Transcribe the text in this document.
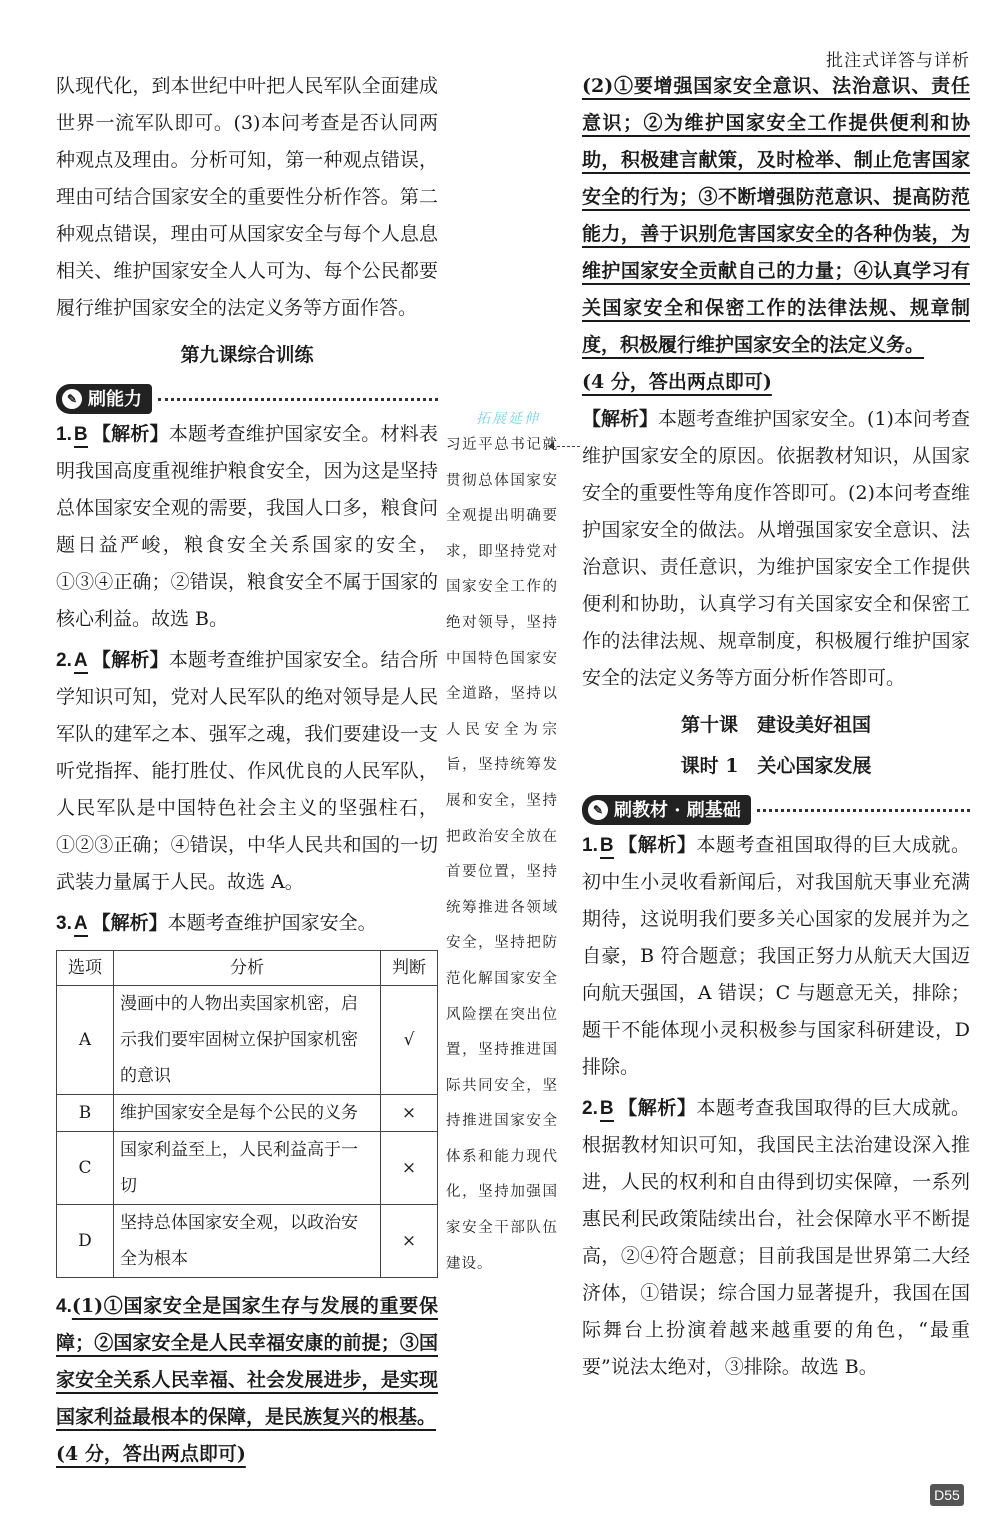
批注式详答与详析

队现代化，到本世纪中叶把人民军队全面建成世界一流军队即可。(3)本问考查是否认同两种观点及理由。分析可知，第一种观点错误，理由可结合国家安全的重要性分析作答。第二种观点错误，理由可从国家安全与每个人息息相关、维护国家安全人人可为、每个公民都要履行维护国家安全的法定义务等方面作答。

第九课综合训练
✎ 刷能力

1. B 【解析】本题考查维护国家安全。材料表明我国高度重视维护粮食安全，因为这是坚持总体国家安全观的需要，我国人口多，粮食问题日益严峻，粮食安全关系国家的安全，①③④正确；②错误，粮食安全不属于国家的核心利益。故选 B。

2. A 【解析】本题考查维护国家安全。结合所学知识可知，党对人民军队的绝对领导是人民军队的建军之本、强军之魂，我们要建设一支听党指挥、能打胜仗、作风优良的人民军队，人民军队是中国特色社会主义的坚强柱石，①②③正确；④错误，中华人民共和国的一切武装力量属于人民。故选 A。

3. A 【解析】本题考查维护国家安全。

选项	分析	判断
A	漫画中的人物出卖国家机密，启示我们要牢固树立保护国家机密的意识	√
B	维护国家安全是每个公民的义务	×
C	国家利益至上，人民利益高于一切	×
D	坚持总体国家安全观，以政治安全为根本	×

4.(1)①国家安全是国家生存与发展的重要保障；②国家安全是人民幸福安康的前提；③国家安全关系人民幸福、社会发展进步，是实现国家利益最根本的保障，是民族复兴的根基。

(4 分，答出两点即可)

拓展延伸

习近平总书记就贯彻总体国家安全观提出明确要求，即坚持党对国家安全工作的绝对领导，坚持中国特色国家安全道路，坚持以人民安全为宗旨，坚持统筹发展和安全，坚持把政治安全放在首要位置，坚持统筹推进各领域安全，坚持把防范化解国家安全风险摆在突出位置，坚持推进国际共同安全，坚持推进国家安全体系和能力现代化，坚持加强国家安全干部队伍建设。

(2)①要增强国家安全意识、法治意识、责任意识；②为维护国家安全工作提供便利和协助，积极建言献策，及时检举、制止危害国家安全的行为；③不断增强防范意识、提高防范能力，善于识别危害国家安全的各种伪装，为维护国家安全贡献自己的力量；④认真学习有关国家安全和保密工作的法律法规、规章制度，积极履行维护国家安全的法定义务。

(4 分，答出两点即可)

【解析】本题考查维护国家安全。(1)本问考查维护国家安全的原因。依据教材知识，从国家安全的重要性等角度作答即可。(2)本问考查维护国家安全的做法。从增强国家安全意识、法治意识、责任意识，为维护国家安全工作提供便利和协助，认真学习有关国家安全和保密工作的法律法规、规章制度，积极履行维护国家安全的法定义务等方面分析作答即可。

第十课　建设美好祖国
课时 1　关心国家发展
✎ 刷教材 · 刷基础

1. B 【解析】本题考查祖国取得的巨大成就。初中生小灵收看新闻后，对我国航天事业充满期待，这说明我们要多关心国家的发展并为之自豪，B 符合题意；我国正努力从航天大国迈向航天强国，A 错误；C 与题意无关，排除；题干不能体现小灵积极参与国家科研建设，D 排除。

2. B 【解析】本题考查我国取得的巨大成就。根据教材知识可知，我国民主法治建设深入推进，人民的权利和自由得到切实保障，一系列惠民利民政策陆续出台，社会保障水平不断提高，②④符合题意；目前我国是世界第二大经济体，①错误；综合国力显著提升，我国在国际舞台上扮演着越来越重要的角色，“最重要”说法太绝对，③排除。故选 B。

D55
